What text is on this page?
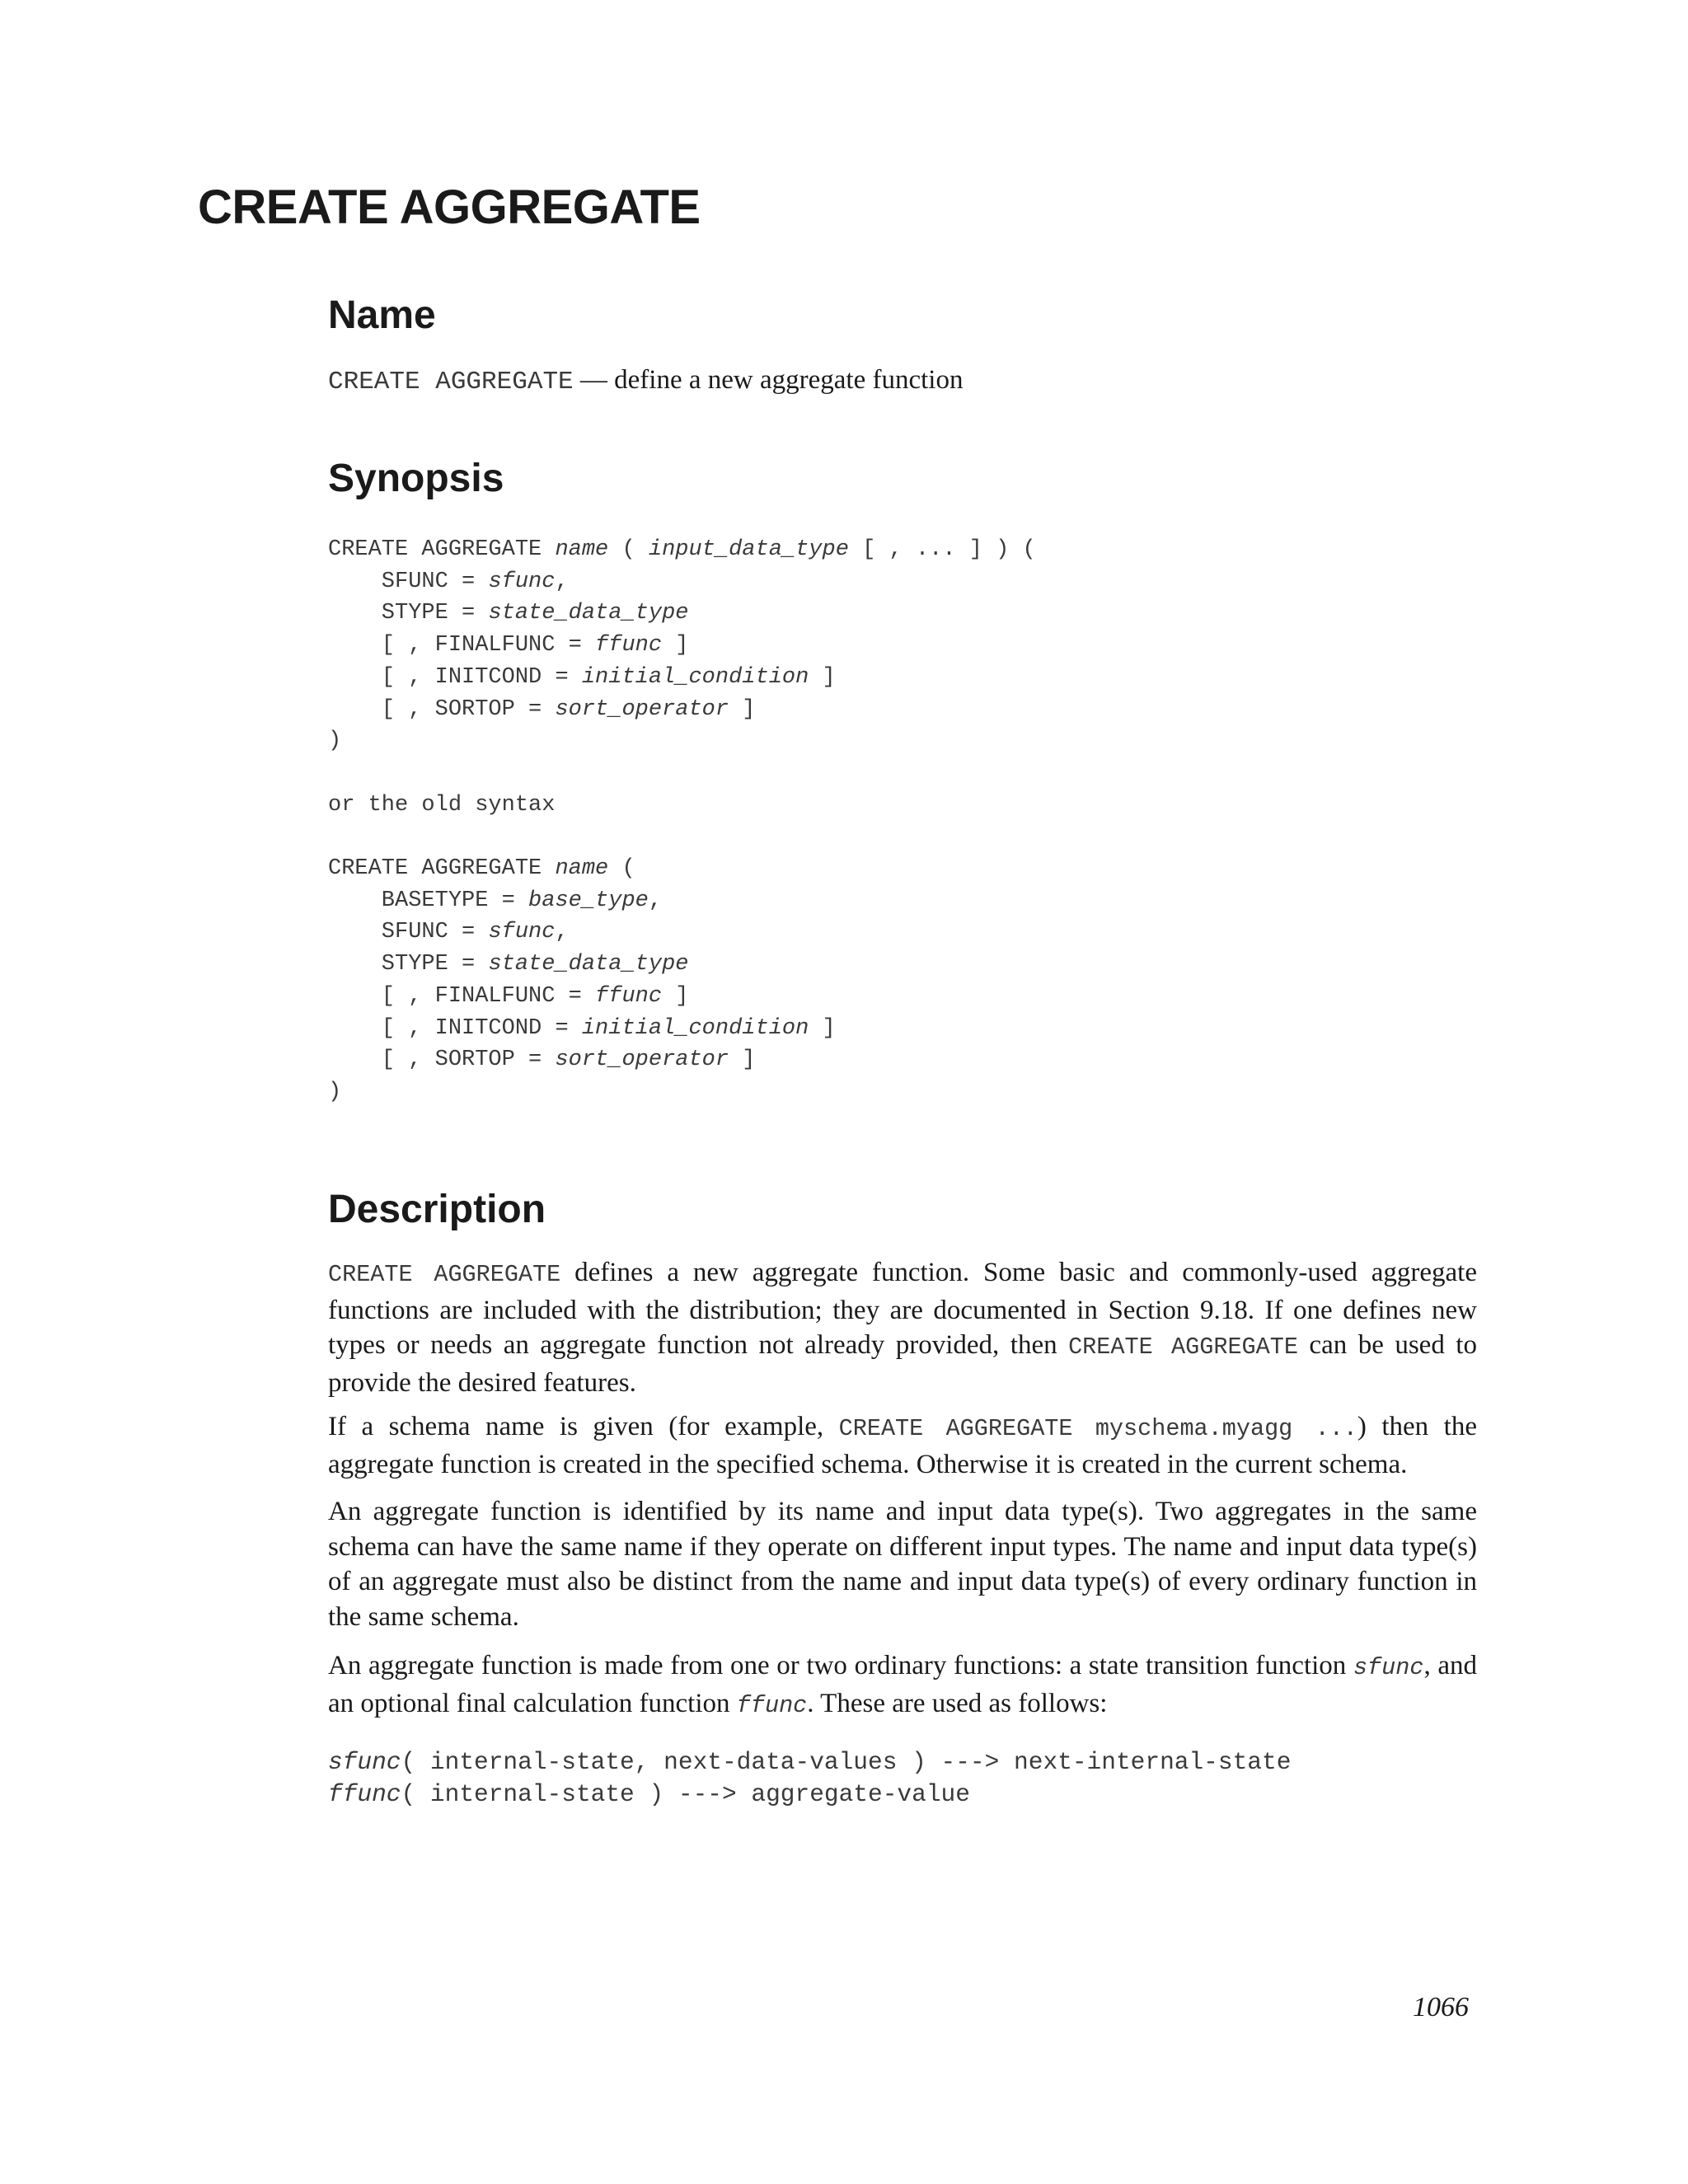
CREATE AGGREGATE
Name

CREATE AGGREGATE — define a new aggregate function

Synopsis
CREATE AGGREGATE name ( input_data_type [ , ... ] ) (
SFUNC = sfunc,
STYPE = state_data_type
[ , FINALFUNC = ffunc ]
[ , INITCOND = initial_condition ]
[ , SORTOP = sort_operator ]
)

or the old syntax

CREATE AGGREGATE name (
BASETYPE = base_type,
SFUNC = sfunc,
STYPE = state_data_type
[ , FINALFUNC = ffunc ]
[ , INITCOND = initial_condition ]
[ , SORTOP = sort_operator ]
)
Description

CREATE AGGREGATE defines a new aggregate function. Some basic and commonly-used aggregate functions are included with the distribution; they are documented in Section 9.18. If one defines new types or needs an aggregate function not already provided, then CREATE AGGREGATE can be used to provide the desired features.

If a schema name is given (for example, CREATE AGGREGATE myschema.myagg ...) then the aggregate function is created in the specified schema. Otherwise it is created in the current schema.

An aggregate function is identified by its name and input data type(s). Two aggregates in the same schema can have the same name if they operate on different input types. The name and input data type(s) of an aggregate must also be distinct from the name and input data type(s) of every ordinary function in the same schema.

An aggregate function is made from one or two ordinary functions: a state transition function sfunc, and an optional final calculation function ffunc. These are used as follows:

sfunc( internal-state, next-data-values ) ---> next-internal-state
ffunc( internal-state ) ---> aggregate-value

1066
